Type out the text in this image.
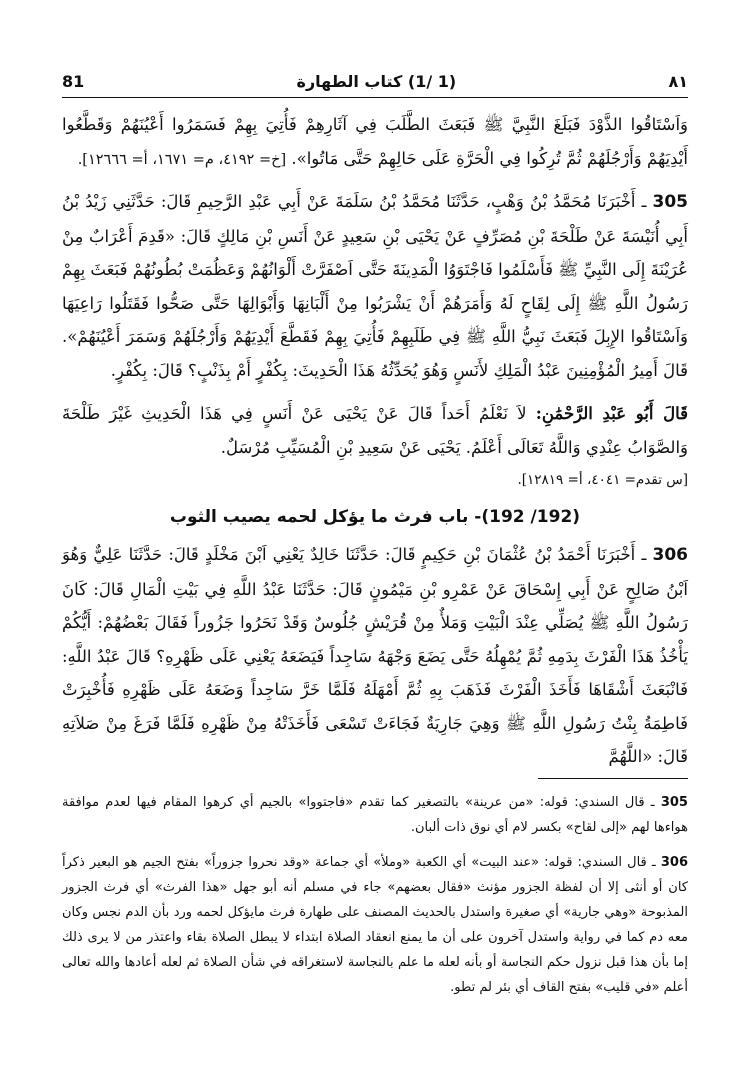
81	(1 /1) كتاب الطهارة	٨١

وَاَسْتَاقُوا الذَّوْدَ فَبَلَغَ النَّبِيَّ ﷺ فَبَعَثَ الطَّلَبَ فِي آثَارِهِمْ فَأُتِيَ بِهِمْ فَسَمَرُوا أَعْيُنَهُمْ وَقَطَّعُوا أَيْدِيَهُمْ وَأَرْجُلَهُمْ ثُمَّ تُرِكُوا فِي الْحَرَّةِ عَلَى حَالِهِمْ حَتَّى مَاتُوا». [خ= ٤١٩٢، م= ١٦٧١، أ= ١٢٦٦٦].

305 ـ أَخْبَرَنَا مُحَمَّدُ بْنُ وَهْبٍ، حَدَّثَنَا مُحَمَّدُ بْنُ سَلَمَةَ عَنْ أَبِي عَبْدِ الرَّحِيمِ قَالَ: حَدَّثَنِي زَيْدُ بْنُ أَبِي أُنَيْسَةَ عَنْ طَلْحَةَ بْنِ مُصَرِّفٍ عَنْ يَحْيَى بْنِ سَعِيدٍ عَنْ أَنَسِ بْنِ مَالِكٍ قَالَ: «قَدِمَ أَعْرَابٌ مِنْ عُرَيْنَةَ إِلَى النَّبِيِّ ﷺ فَأَسْلَمُوا فَاجْتَوَوُا الْمَدِينَةَ حَتَّى اَصْفَرَّتْ أَلْوَانُهُمْ وَعَظُمَتْ بُطُونُهُمْ فَبَعَثَ بِهِمْ رَسُولُ اللَّهِ ﷺ إِلَى لِقَاحٍ لَهُ وَأَمَرَهُمْ أَنْ يَشْرَبُوا مِنْ أَلْبَانِهَا وَأَبْوَالِهَا حَتَّى صَحُّوا فَقَتَلُوا رَاعِيَهَا وَاَسْتَاقُوا الإِبِلَ فَبَعَثَ نَبِيُّ اللَّهِ ﷺ فِي طَلَبِهِمْ فَأُتِيَ بِهِمْ فَقَطَّعَ أَيْدِيَهُمْ وَأَرْجُلَهُمْ وَسَمَرَ أَعْيُنَهُمْ». قَالَ أَمِيرُ الْمُؤْمِنِينَ عَبْدُ الْمَلِكِ لأَنَسٍ وَهُوَ يُحَدِّثُهُ هَذَا الْحَدِيثَ: بِكُفْرٍ أَمْ بِذَنْبٍ؟ قَالَ: بِكُفْرٍ.

قَالَ أَبُو عَبْدِ الرَّحْمَٰنِ: لاَ نَعْلَمُ أَحَداً قَالَ عَنْ يَحْيَى عَنْ أَنَسٍ فِي هَذَا الْحَدِيثِ غَيْرَ طَلْحَةَ وَالصَّوَابُ عِنْدِي وَاللَّهُ تَعَالَى أَعْلَمُ. يَحْيَى عَنْ سَعِيدِ بْنِ الْمُسَيِّبِ مُرْسَلٌ.

[س تقدم= ٤٠٤١، أ= ١٢٨١٩].

(192/ 192)- باب فرث ما يؤكل لحمه يصيب الثوب

306 ـ أَخْبَرَنَا أَحْمَدُ بْنُ عُثْمَانَ بْنِ حَكِيمٍ قَالَ: حَدَّثَنَا خَالِدٌ يَعْنِي اَبْنَ مَخْلَدٍ قَالَ: حَدَّثَنَا عَلِيٌّ وَهُوَ اَبْنُ صَالِحٍ عَنْ أَبِي إِسْحَاقَ عَنْ عَمْرِو بْنِ مَيْمُونٍ قَالَ: حَدَّثَنَا عَبْدُ اللَّهِ فِي بَيْتِ الْمَالِ قَالَ: كَانَ رَسُولُ اللَّهِ ﷺ يُصَلِّي عِنْدَ الْبَيْتِ وَمَلأٌ مِنْ قُرَيْشٍ جُلُوسٌ وَقَدْ نَحَرُوا جَزُوراً فَقَالَ بَعْضُهُمْ: أَيُّكُمْ يَأْخُذُ هَذَا الْفَرْثَ بِدَمِهِ ثُمَّ يُمْهِلُهُ حَتَّى يَضَعَ وَجْهَهُ سَاجِداً فَيَضَعَهُ يَعْنِي عَلَى ظَهْرِهِ؟ قَالَ عَبْدُ اللَّهِ: فَانْبَعَثَ أَشْقَاهَا فَأَخَذَ الْفَرْثَ فَذَهَبَ بِهِ ثُمَّ أَمْهَلَهُ فَلَمَّا خَرَّ سَاجِداً وَضَعَهُ عَلَى ظَهْرِهِ فَأُخْبِرَتْ فَاطِمَةُ بِنْتُ رَسُولِ اللَّهِ ﷺ وَهِيَ جَارِيَةٌ فَجَاءَتْ تَسْعَى فَأَخَذَتْهُ مِنْ ظَهْرِهِ فَلَمَّا فَرَغَ مِنْ صَلاَتِهِ قَالَ: «اللَّهُمَّ

305 ـ قال السندي: قوله: «من عرينة» بالتصغير كما تقدم «فاجتووا» بالجيم أي كرهوا المقام فيها لعدم موافقة هواءها لهم «إلى لقاح» بكسر لام أي نوق ذات ألبان.

306 ـ قال السندي: قوله: «عند البيت» أي الكعبة «وملأ» أي جماعة «وقد نحروا جزوراً» بفتح الجيم هو البعير ذكراً كان أو أنثى إلا أن لفظة الجزور مؤنث «فقال بعضهم» جاء في مسلم أنه أبو جهل «هذا الفرث» أي فرث الجزور المذبوحة «وهي جارية» أي صغيرة واستدل بالحديث المصنف على طهارة فرث مايؤكل لحمه ورد بأن الدم نجس وكان معه دم كما في رواية واستدل آخرون على أن ما يمنع انعقاد الصلاة ابتداء لا يبطل الصلاة بقاء واعتذر من لا يرى ذلك إما بأن هذا قبل نزول حكم النجاسة أو بأنه لعله ما علم بالنجاسة لاستغراقه في شأن الصلاة ثم لعله أعادها والله تعالى أعلم «في قليب» بفتح القاف أي بئر لم تطو.
